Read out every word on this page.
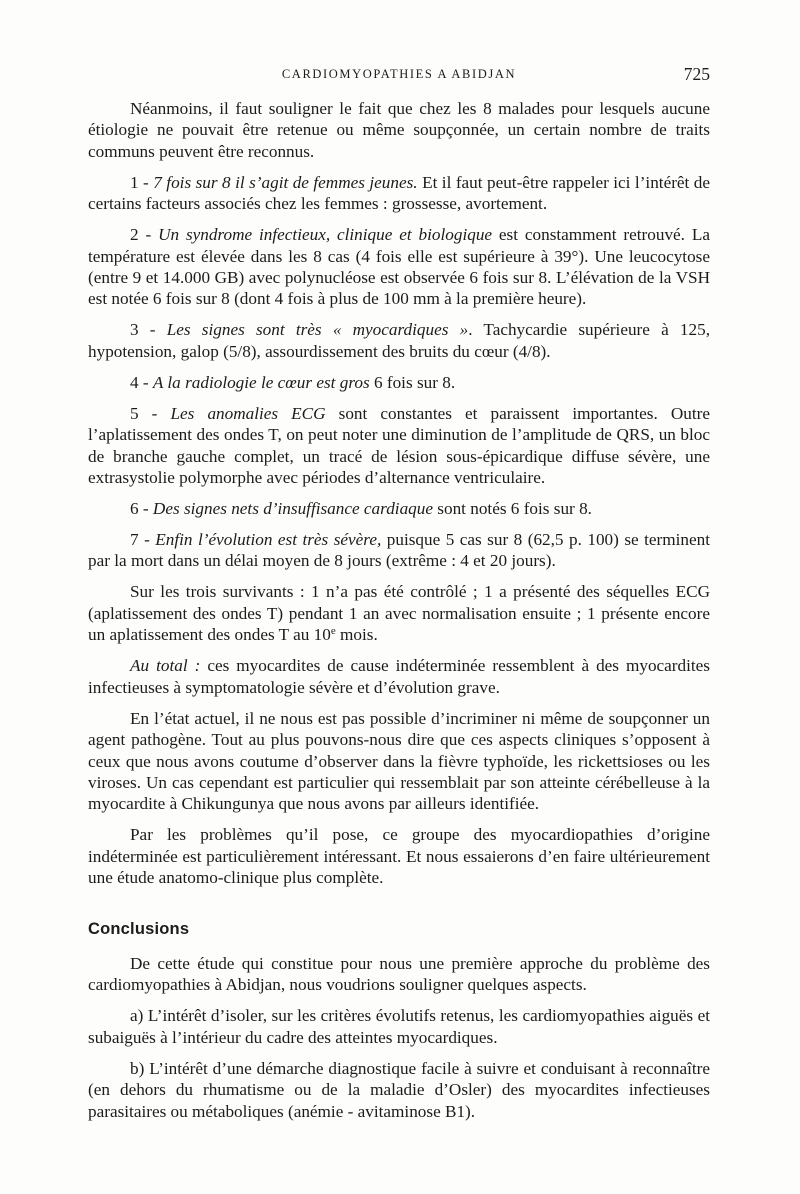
CARDIOMYOPATHIES A ABIDJAN	725

Néanmoins, il faut souligner le fait que chez les 8 malades pour lesquels aucune étiologie ne pouvait être retenue ou même soupçonnée, un certain nombre de traits communs peuvent être reconnus.

1 - 7 fois sur 8 il s’agit de femmes jeunes. Et il faut peut-être rappeler ici l’intérêt de certains facteurs associés chez les femmes : grossesse, avortement.

2 - Un syndrome infectieux, clinique et biologique est constamment retrouvé. La température est élevée dans les 8 cas (4 fois elle est supérieure à 39°). Une leucocytose (entre 9 et 14.000 GB) avec polynucléose est observée 6 fois sur 8. L’élévation de la VSH est notée 6 fois sur 8 (dont 4 fois à plus de 100 mm à la première heure).

3 - Les signes sont très « myocardiques ». Tachycardie supérieure à 125, hypotension, galop (5/8), assourdissement des bruits du cœur (4/8).

4 - A la radiologie le cœur est gros 6 fois sur 8.

5 - Les anomalies ECG sont constantes et paraissent importantes. Outre l’aplatissement des ondes T, on peut noter une diminution de l’amplitude de QRS, un bloc de branche gauche complet, un tracé de lésion sous-épicardique diffuse sévère, une extrasystolie polymorphe avec périodes d’alternance ventriculaire.

6 - Des signes nets d’insuffisance cardiaque sont notés 6 fois sur 8.

7 - Enfin l’évolution est très sévère, puisque 5 cas sur 8 (62,5 p. 100) se terminent par la mort dans un délai moyen de 8 jours (extrême : 4 et 20 jours).

Sur les trois survivants : 1 n’a pas été contrôlé ; 1 a présenté des séquelles ECG (aplatissement des ondes T) pendant 1 an avec normalisation ensuite ; 1 présente encore un aplatissement des ondes T au 10e mois.

Au total : ces myocardites de cause indéterminée ressemblent à des myocardites infectieuses à symptomatologie sévère et d’évolution grave.

En l’état actuel, il ne nous est pas possible d’incriminer ni même de soupçonner un agent pathogène. Tout au plus pouvons-nous dire que ces aspects cliniques s’opposent à ceux que nous avons coutume d’observer dans la fièvre typhoïde, les rickettsioses ou les viroses. Un cas cependant est particulier qui ressemblait par son atteinte cérébelleuse à la myocardite à Chikungunya que nous avons par ailleurs identifiée.

Par les problèmes qu’il pose, ce groupe des myocardiopathies d’origine indéterminée est particulièrement intéressant. Et nous essaierons d’en faire ultérieurement une étude anatomo-clinique plus complète.

Conclusions

De cette étude qui constitue pour nous une première approche du problème des cardiomyopathies à Abidjan, nous voudrions souligner quelques aspects.

a) L’intérêt d’isoler, sur les critères évolutifs retenus, les cardiomyopathies aiguës et subaiguës à l’intérieur du cadre des atteintes myocardiques.

b) L’intérêt d’une démarche diagnostique facile à suivre et conduisant à reconnaître (en dehors du rhumatisme ou de la maladie d’Osler) des myocardites infectieuses parasitaires ou métaboliques (anémie - avitaminose B1).
